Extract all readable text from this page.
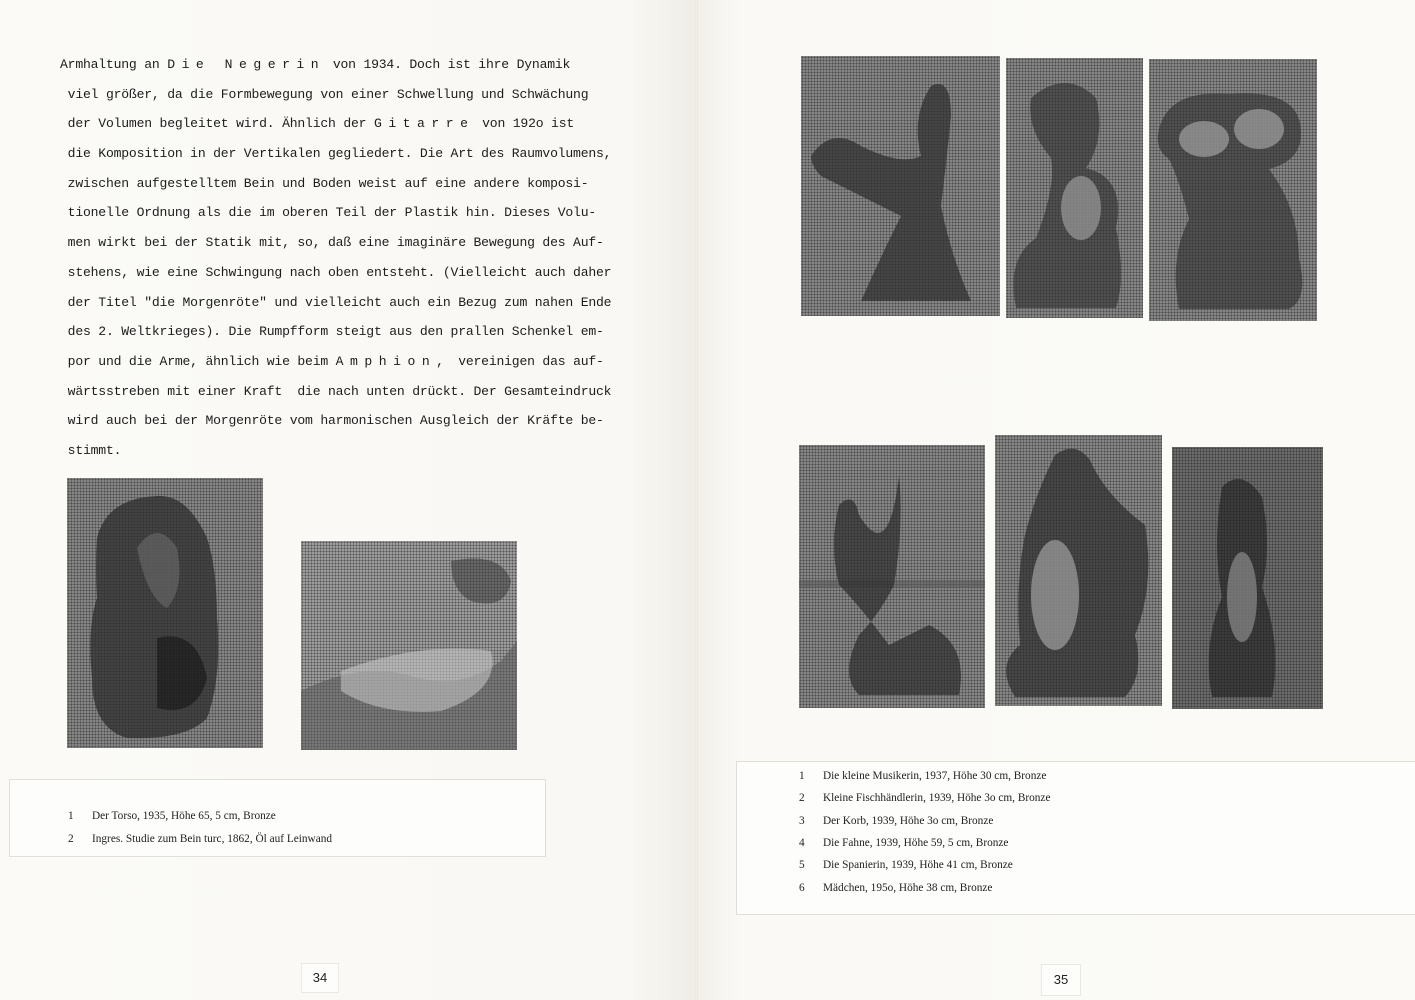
Armhaltung an Die Negerin von 1934. Doch ist ihre Dynamik
viel größer, da die Formbewegung von einer Schwellung und Schwächung
der Volumen begleitet wird. Ähnlich der Gitarre von 192o ist
die Komposition in der Vertikalen gegliedert. Die Art des Raumvolumens,
zwischen aufgestelltem Bein und Boden weist auf eine andere komposi-
tionelle Ordnung als die im oberen Teil der Plastik hin. Dieses Volu-
men wirkt bei der Statik mit, so, daß eine imaginäre Bewegung des Auf-
stehens, wie eine Schwingung nach oben entsteht. (Vielleicht auch daher
der Titel "die Morgenröte" und vielleicht auch ein Bezug zum nahen Ende
des 2. Weltkrieges). Die Rumpfform steigt aus den prallen Schenkel em-
por und die Arme, ähnlich wie beim Amphion, vereinigen das auf-
wärtsstreben mit einer Kraft  die nach unten drückt. Der Gesamteindruck
wird auch bei der Morgenröte vom harmonischen Ausgleich der Kräfte be-
stimmt.
1 Der Torso, 1935, Höhe 65, 5 cm, Bronze
2 Ingres. Studie zum Bein turc, 1862, Öl auf Leinwand
34
1 Die kleine Musikerin, 1937, Höhe 30 cm, Bronze
2 Kleine Fischhändlerin, 1939, Höhe 3o cm, Bronze
3 Der Korb, 1939, Höhe 3o cm, Bronze
4 Die Fahne, 1939, Höhe 59, 5 cm, Bronze
5 Die Spanierin, 1939, Höhe 41 cm, Bronze
6 Mädchen, 195o, Höhe 38 cm, Bronze
35
